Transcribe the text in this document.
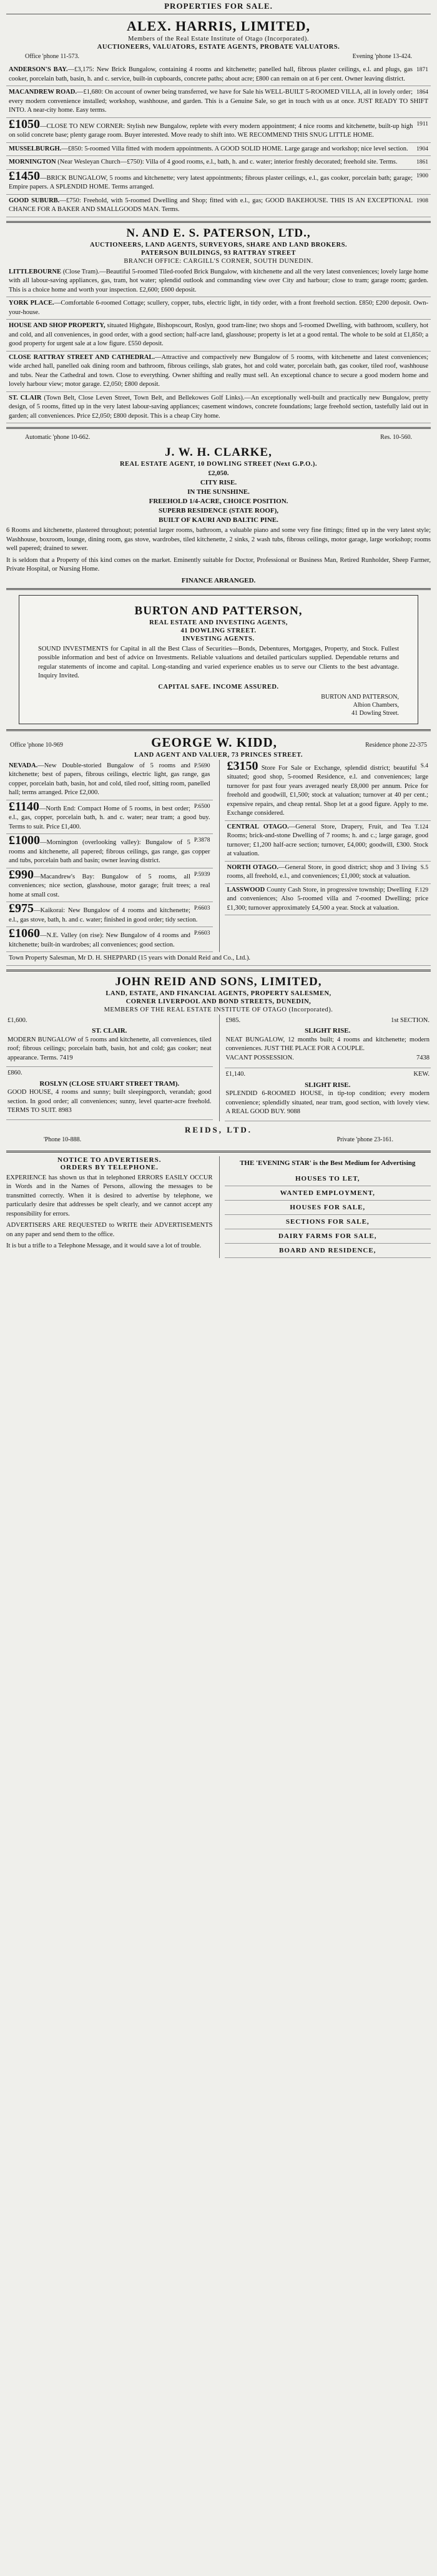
PROPERTIES FOR SALE.
ALEX. HARRIS, LIMITED,
Members of the Real Estate Institute of Otago (Incorporated).
AUCTIONEERS, VALUATORS, ESTATE AGENTS, PROBATE VALUATORS.
Office 'phone 11-573.	Evening 'phone 13-424.
1871
ANDERSON'S BAY.—£3,175: New Brick Bungalow, containing 4 rooms and kitchenette; panelled hall, fibrous plaster ceilings, e.l. and plugs, gas cooker, porcelain bath, basin, h. and c. service, built-in cupboards, concrete paths; about acre; £800 can remain on at 6 per cent. Owner leaving district.
1864
MACANDREW ROAD.—£1,680: On account of owner being transferred, we have for Sale his WELL-BUILT 5-ROOMED VILLA, all in lovely order; every modern convenience installed; workshop, washhouse, and garden. This is a Genuine Sale, so get in touch with us at once. JUST READY TO SHIFT INTO. A near-city home. Easy terms.
1911
£1050—CLOSE TO NEW CORNER: Stylish new Bungalow, replete with every modern appointment; 4 nice rooms and kitchenette, built-up high on solid concrete base; plenty garage room. Buyer interested. Move ready to shift into. WE RECOMMEND THIS SNUG LITTLE HOME.
1904
MUSSELBURGH.—£850: 5-roomed Villa fitted with modern appointments. A GOOD SOLID HOME. Large garage and workshop; nice level section.
1861
MORNINGTON (Near Wesleyan Church—£750): Villa of 4 good rooms, e.l., bath, h. and c. water; interior freshly decorated; freehold site. Terms.
1900
£1450—BRICK BUNGALOW, 5 rooms and kitchenette; very latest appointments; fibrous plaster ceilings, e.l., gas cooker, porcelain bath; garage; Empire papers. A SPLENDID HOME. Terms arranged.
1908
GOOD SUBURB.—£750: Freehold, with 5-roomed Dwelling and Shop; fitted with e.l., gas; GOOD BAKEHOUSE. THIS IS AN EXCEPTIONAL CHANCE FOR A BAKER AND SMALLGOODS MAN. Terms.
N. AND E. S. PATERSON, LTD.,
AUCTIONEERS, LAND AGENTS, SURVEYORS, SHARE AND LAND BROKERS.
PATERSON BUILDINGS, 93 RATTRAY STREET
BRANCH OFFICE: CARGILL'S CORNER, SOUTH DUNEDIN.
LITTLEBOURNE (Close Tram).—Beautiful 5-roomed Tiled-roofed Brick Bungalow, with kitchenette and all the very latest conveniences; lovely large home with all labour-saving appliances, gas, tram, hot water; splendid outlook and commanding view over City and harbour; close to tram; garage room; garden. This is a choice home and worth your inspection. £2,600; £600 deposit.
YORK PLACE.—Comfortable 6-roomed Cottage; scullery, copper, tubs, electric light, in tidy order, with a front freehold section. £850; £200 deposit. Own-your-house.
HOUSE AND SHOP PROPERTY, situated Highgate, Bishopscourt, Roslyn, good tram-line; two shops and 5-roomed Dwelling, with bathroom, scullery, hot and cold, and all conveniences, in good order, with a good section; half-acre land, glasshouse; property is let at a good rental. The whole to be sold at £1,850; a good property for urgent sale at a low figure. £550 deposit.
CLOSE RATTRAY STREET AND CATHEDRAL.—Attractive and compactively new Bungalow of 5 rooms, with kitchenette and latest conveniences; wide arched hall, panelled oak dining room and bathroom, fibrous ceilings, slab grates, hot and cold water, porcelain bath, gas cooker, tiled roof, washhouse and tubs. Near the Cathedral and town. Close to everything. Owner shifting and really must sell. An exceptional chance to secure a good modern home and lovely harbour view; motor garage. £2,050; £800 deposit.
ST. CLAIR (Town Belt, Close Leven Street, Town Belt, and Bellekowes Golf Links).—An exceptionally well-built and practically new Bungalow, pretty design, of 5 rooms, fitted up in the very latest labour-saving appliances; casement windows, concrete foundations; large freehold section, tastefully laid out in garden; all conveniences. Price £2,050; £800 deposit. This is a cheap City home.
Automatic 'phone 10-662.	Res. 10-560.
J. W. H. CLARKE,
REAL ESTATE AGENT, 10 DOWLING STREET (Next G.P.O.).
£2,050.
CITY RISE.
IN THE SUNSHINE.
FREEHOLD 1/4-ACRE, CHOICE POSITION.
SUPERB RESIDENCE (STATE ROOF),
BUILT OF KAURI AND BALTIC PINE.

6 Rooms and kitchenette, plastered throughout; potential larger rooms, bathroom, a valuable piano and some very fine fittings; fitted up in the very latest style; Washhouse, boxroom, lounge, dining room, gas stove, wardrobes, tiled kitchenette, 2 sinks, 2 wash tubs, fibrous ceilings, motor garage, large workshop; rooms well papered; drained to sewer.

It is seldom that a Property of this kind comes on the market. Eminently suitable for Doctor, Professional or Business Man, Retired Runholder, Sheep Farmer, Private Hospital, or Nursing Home.

FINANCE ARRANGED.
BURTON AND PATTERSON,
REAL ESTATE AND INVESTING AGENTS,
41 DOWLING STREET.
INVESTING AGENTS.

SOUND INVESTMENTS for Capital in all the Best Class of Securities—Bonds, Debentures, Mortgages, Property, and Stock. Fullest possible information and best of advice on Investments. Reliable valuations and detailed particulars supplied. Dependable returns and regular statements of income and capital. Long-standing and varied experience enables us to serve our Clients to the best advantage. Inquiry Invited.

CAPITAL SAFE. INCOME ASSURED.
BURTON AND PATTERSON,
Albion Chambers,
41 Dowling Street.
Office 'phone 10-969	GEORGE W. KIDD,	Residence phone 22-375
LAND AGENT AND VALUER, 73 PRINCES STREET.
P.5690
NEVADA.—New Double-storied Bungalow of 5 rooms and kitchenette; best of papers, fibrous ceilings, electric light, gas range, gas copper, porcelain bath, basin, hot and cold, tiled roof, sitting room, panelled hall; terms arranged. Price £2,000.
P.6500
£1140—North End: Compact Home of 5 rooms, in best order; e.l., gas, copper, porcelain bath, h. and c. water; near tram; a good buy. Terms to suit. Price £1,400.
P.3878
£1000—Mornington (overlooking valley): Bungalow of 5 rooms and kitchenette, all papered; fibrous ceilings, gas range, gas copper and tubs, porcelain bath and basin; owner leaving district.
P.5939
£990—Macandrew's Bay: Bungalow of 5 rooms, all conveniences; nice section, glasshouse, motor garage; fruit trees; a real home at small cost.
P.6603
£975—Kaikorai: New Bungalow of 4 rooms and kitchenette; e.l., gas stove, bath, h. and c. water; finished in good order; tidy section.
P.6603
£1060—N.E. Valley (on rise): New Bungalow of 4 rooms and kitchenette; built-in wardrobes; all conveniences; good section.
S.4
£3150 Store For Sale or Exchange, splendid district; beautiful situated; good shop, 5-roomed Residence, e.l. and conveniences; large turnover for past four years averaged nearly £8,000 per annum. Price for freehold and goodwill, £1,500; stock at valuation; turnover at 40 per cent.; expensive repairs, and cheap rental. Shop let at a good figure. Apply to me. Exchange considered.
T.124
CENTRAL OTAGO.—General Store, Drapery, Fruit, and Tea Rooms; brick-and-stone Dwelling of 7 rooms; h. and c.; large garage, good turnover; £1,200 half-acre section; turnover, £4,000; goodwill, £300. Stock at valuation.
S.5
NORTH OTAGO.—General Store, in good district; shop and 3 living rooms, all freehold, e.l., and conveniences; £1,000; stock at valuation.
F.129
LASSWOOD County Cash Store, in progressive township; Dwelling and conveniences; Also 5-roomed villa and 7-roomed Dwelling; price £1,300; turnover approximately £4,500 a year. Stock at valuation.
Town Property Salesman, Mr D. H. SHEPPARD (15 years with Donald Reid and Co., Ltd.).
JOHN REID AND SONS, LIMITED,
LAND, ESTATE, AND FINANCIAL AGENTS, PROPERTY SALESMEN,
CORNER LIVERPOOL AND BOND STREETS, DUNEDIN,
MEMBERS OF THE REAL ESTATE INSTITUTE OF OTAGO (Incorporated).
£1,600.
ST. CLAIR.
MODERN BUNGALOW of 5 rooms and kitchenette, all conveniences, tiled roof; fibrous ceilings; porcelain bath, basin, hot and cold; gas cooker; neat appearance. Terms. 7419
£860.
ROSLYN (CLOSE STUART STREET TRAM).
GOOD HOUSE, 4 rooms and sunny; built sleepingporch, verandah; good section. In good order; all conveniences; sunny, level quarter-acre freehold. TERMS TO SUIT. 8983
£985.	1st SECTION.
SLIGHT RISE.
NEAT BUNGALOW, 12 months built; 4 rooms and kitchenette; modern conveniences. JUST THE PLACE FOR A COUPLE.
VACANT POSSESSION.	7438
£1,140.	KEW.
SLIGHT RISE.
SPLENDID 6-ROOMED HOUSE, in tip-top condition; every modern convenience; splendidly situated, near tram, good section, with lovely view. A REAL GOOD BUY. 9088
REIDS, LTD.
'Phone 10-888.	Private 'phone 23-161.
NOTICE TO ADVERTISERS.
ORDERS BY TELEPHONE.

EXPERIENCE has shown us that in telephoned ERRORS EASILY OCCUR in Words and in the Names of Persons, allowing the messages to be transmitted correctly. When it is desired to advertise by telephone, we particularly desire that addresses be spelt clearly, and we cannot accept any responsibility for errors.

ADVERTISERS ARE REQUESTED to WRITE their ADVERTISEMENTS on any paper and send them to the office.

It is but a trifle to a Telephone Message, and it would save a lot of trouble.

THE 'EVENING STAR' is the Best Medium for Advertising
HOUSES TO LET,
WANTED EMPLOYMENT,
HOUSES FOR SALE,
SECTIONS FOR SALE,
DAIRY FARMS FOR SALE,
BOARD AND RESIDENCE,
